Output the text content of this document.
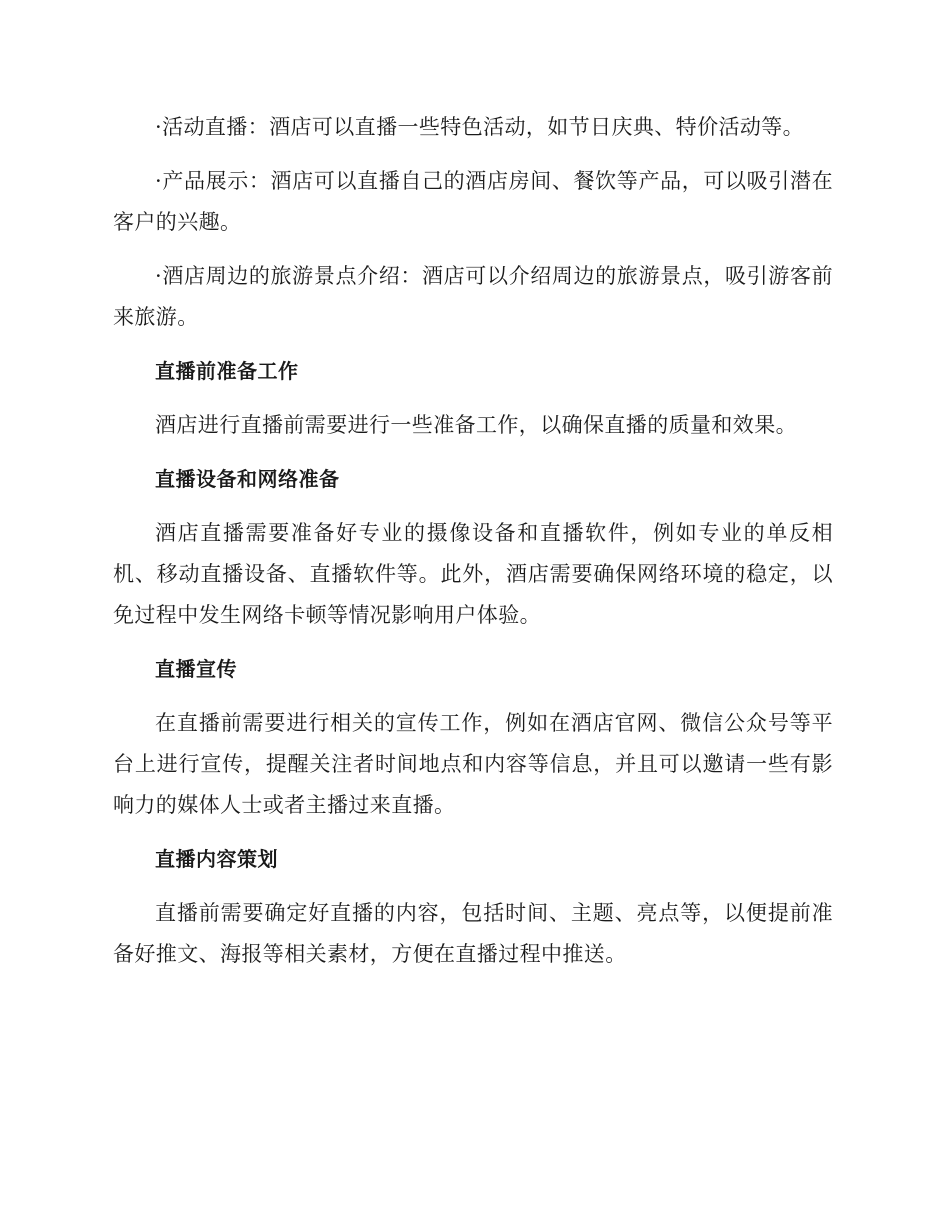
·活动直播：酒店可以直播一些特色活动，如节日庆典、特价活动等。

·产品展示：酒店可以直播自己的酒店房间、餐饮等产品，可以吸引潜在客户的兴趣。

·酒店周边的旅游景点介绍：酒店可以介绍周边的旅游景点，吸引游客前来旅游。

直播前准备工作

酒店进行直播前需要进行一些准备工作，以确保直播的质量和效果。

直播设备和网络准备

酒店直播需要准备好专业的摄像设备和直播软件，例如专业的单反相机、移动直播设备、直播软件等。此外，酒店需要确保网络环境的稳定，以免过程中发生网络卡顿等情况影响用户体验。

直播宣传

在直播前需要进行相关的宣传工作，例如在酒店官网、微信公众号等平台上进行宣传，提醒关注者时间地点和内容等信息，并且可以邀请一些有影响力的媒体人士或者主播过来直播。

直播内容策划

直播前需要确定好直播的内容，包括时间、主题、亮点等，以便提前准备好推文、海报等相关素材，方便在直播过程中推送。
